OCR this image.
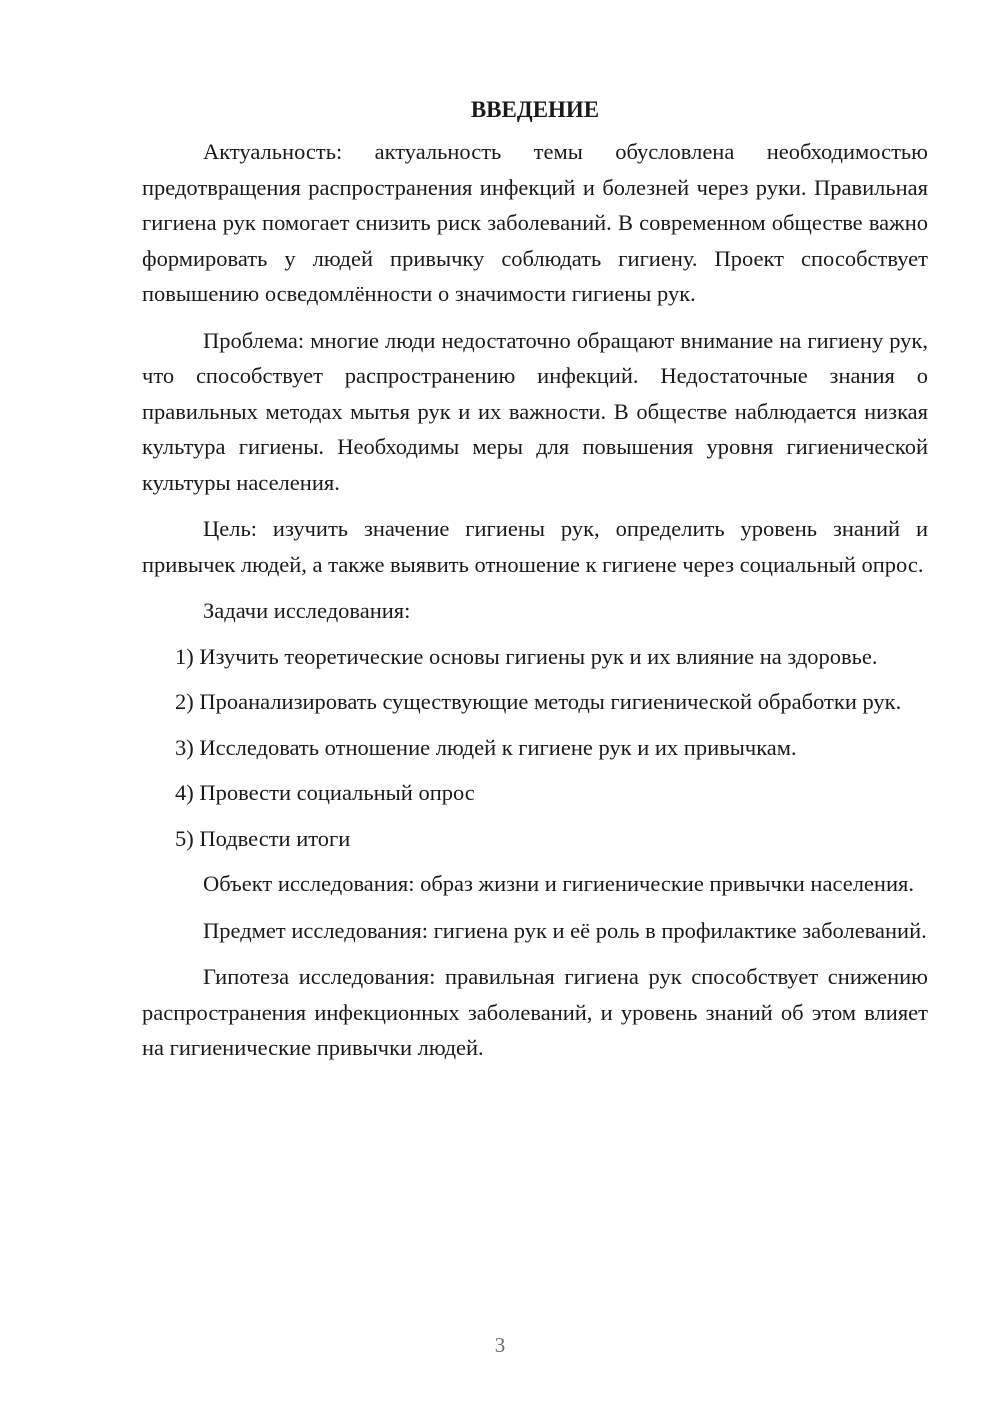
ВВЕДЕНИЕ

Актуальность: актуальность темы обусловлена необходимостью предотвращения распространения инфекций и болезней через руки. Правильная гигиена рук помогает снизить риск заболеваний. В современном обществе важно формировать у людей привычку соблюдать гигиену. Проект способствует повышению осведомлённости о значимости гигиены рук.

Проблема: многие люди недостаточно обращают внимание на гигиену рук, что способствует распространению инфекций. Недостаточные знания о правильных методах мытья рук и их важности. В обществе наблюдается низкая культура гигиены. Необходимы меры для повышения уровня гигиенической культуры населения.

Цель: изучить значение гигиены рук, определить уровень знаний и привычек людей, а также выявить отношение к гигиене через социальный опрос.

Задачи исследования:

1) Изучить теоретические основы гигиены рук и их влияние на здоровье.

2) Проанализировать существующие методы гигиенической обработки рук.

3) Исследовать отношение людей к гигиене рук и их привычкам.

4) Провести социальный опрос

5) Подвести итоги

Объект исследования: образ жизни и гигиенические привычки населения.

Предмет исследования: гигиена рук и её роль в профилактике заболеваний.

Гипотеза исследования: правильная гигиена рук способствует снижению распространения инфекционных заболеваний, и уровень знаний об этом влияет на гигиенические привычки людей.

3
